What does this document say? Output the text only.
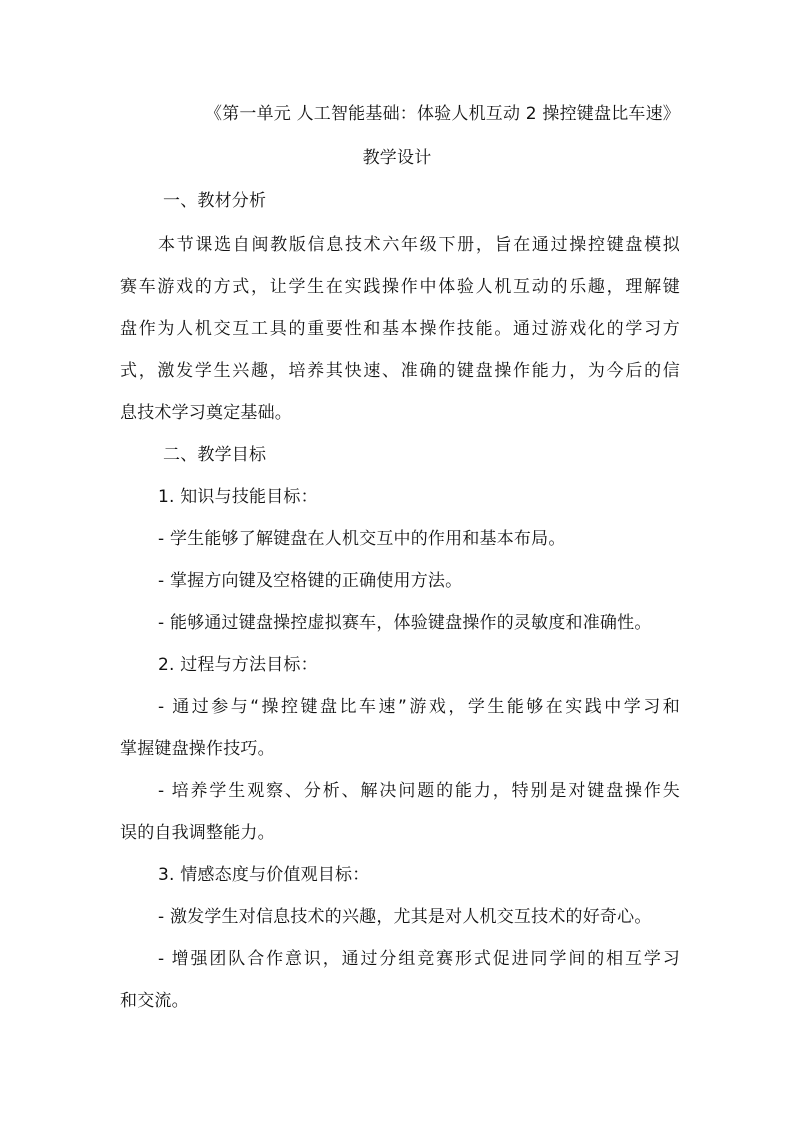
《第一单元 人工智能基础：体验人机互动 2 操控键盘比车速》
教学设计
一、教材分析
本节课选自闽教版信息技术六年级下册，旨在通过操控键盘模拟
赛车游戏的方式，让学生在实践操作中体验人机互动的乐趣，理解键
盘作为人机交互工具的重要性和基本操作技能。通过游戏化的学习方
式，激发学生兴趣，培养其快速、准确的键盘操作能力，为今后的信
息技术学习奠定基础。
二、教学目标
1. 知识与技能目标：
- 学生能够了解键盘在人机交互中的作用和基本布局。
- 掌握方向键及空格键的正确使用方法。
- 能够通过键盘操控虚拟赛车，体验键盘操作的灵敏度和准确性。
2. 过程与方法目标：
- 通过参与“操控键盘比车速”游戏，学生能够在实践中学习和
掌握键盘操作技巧。
- 培养学生观察、分析、解决问题的能力，特别是对键盘操作失
误的自我调整能力。
3. 情感态度与价值观目标：
- 激发学生对信息技术的兴趣，尤其是对人机交互技术的好奇心。
- 增强团队合作意识，通过分组竞赛形式促进同学间的相互学习
和交流。
